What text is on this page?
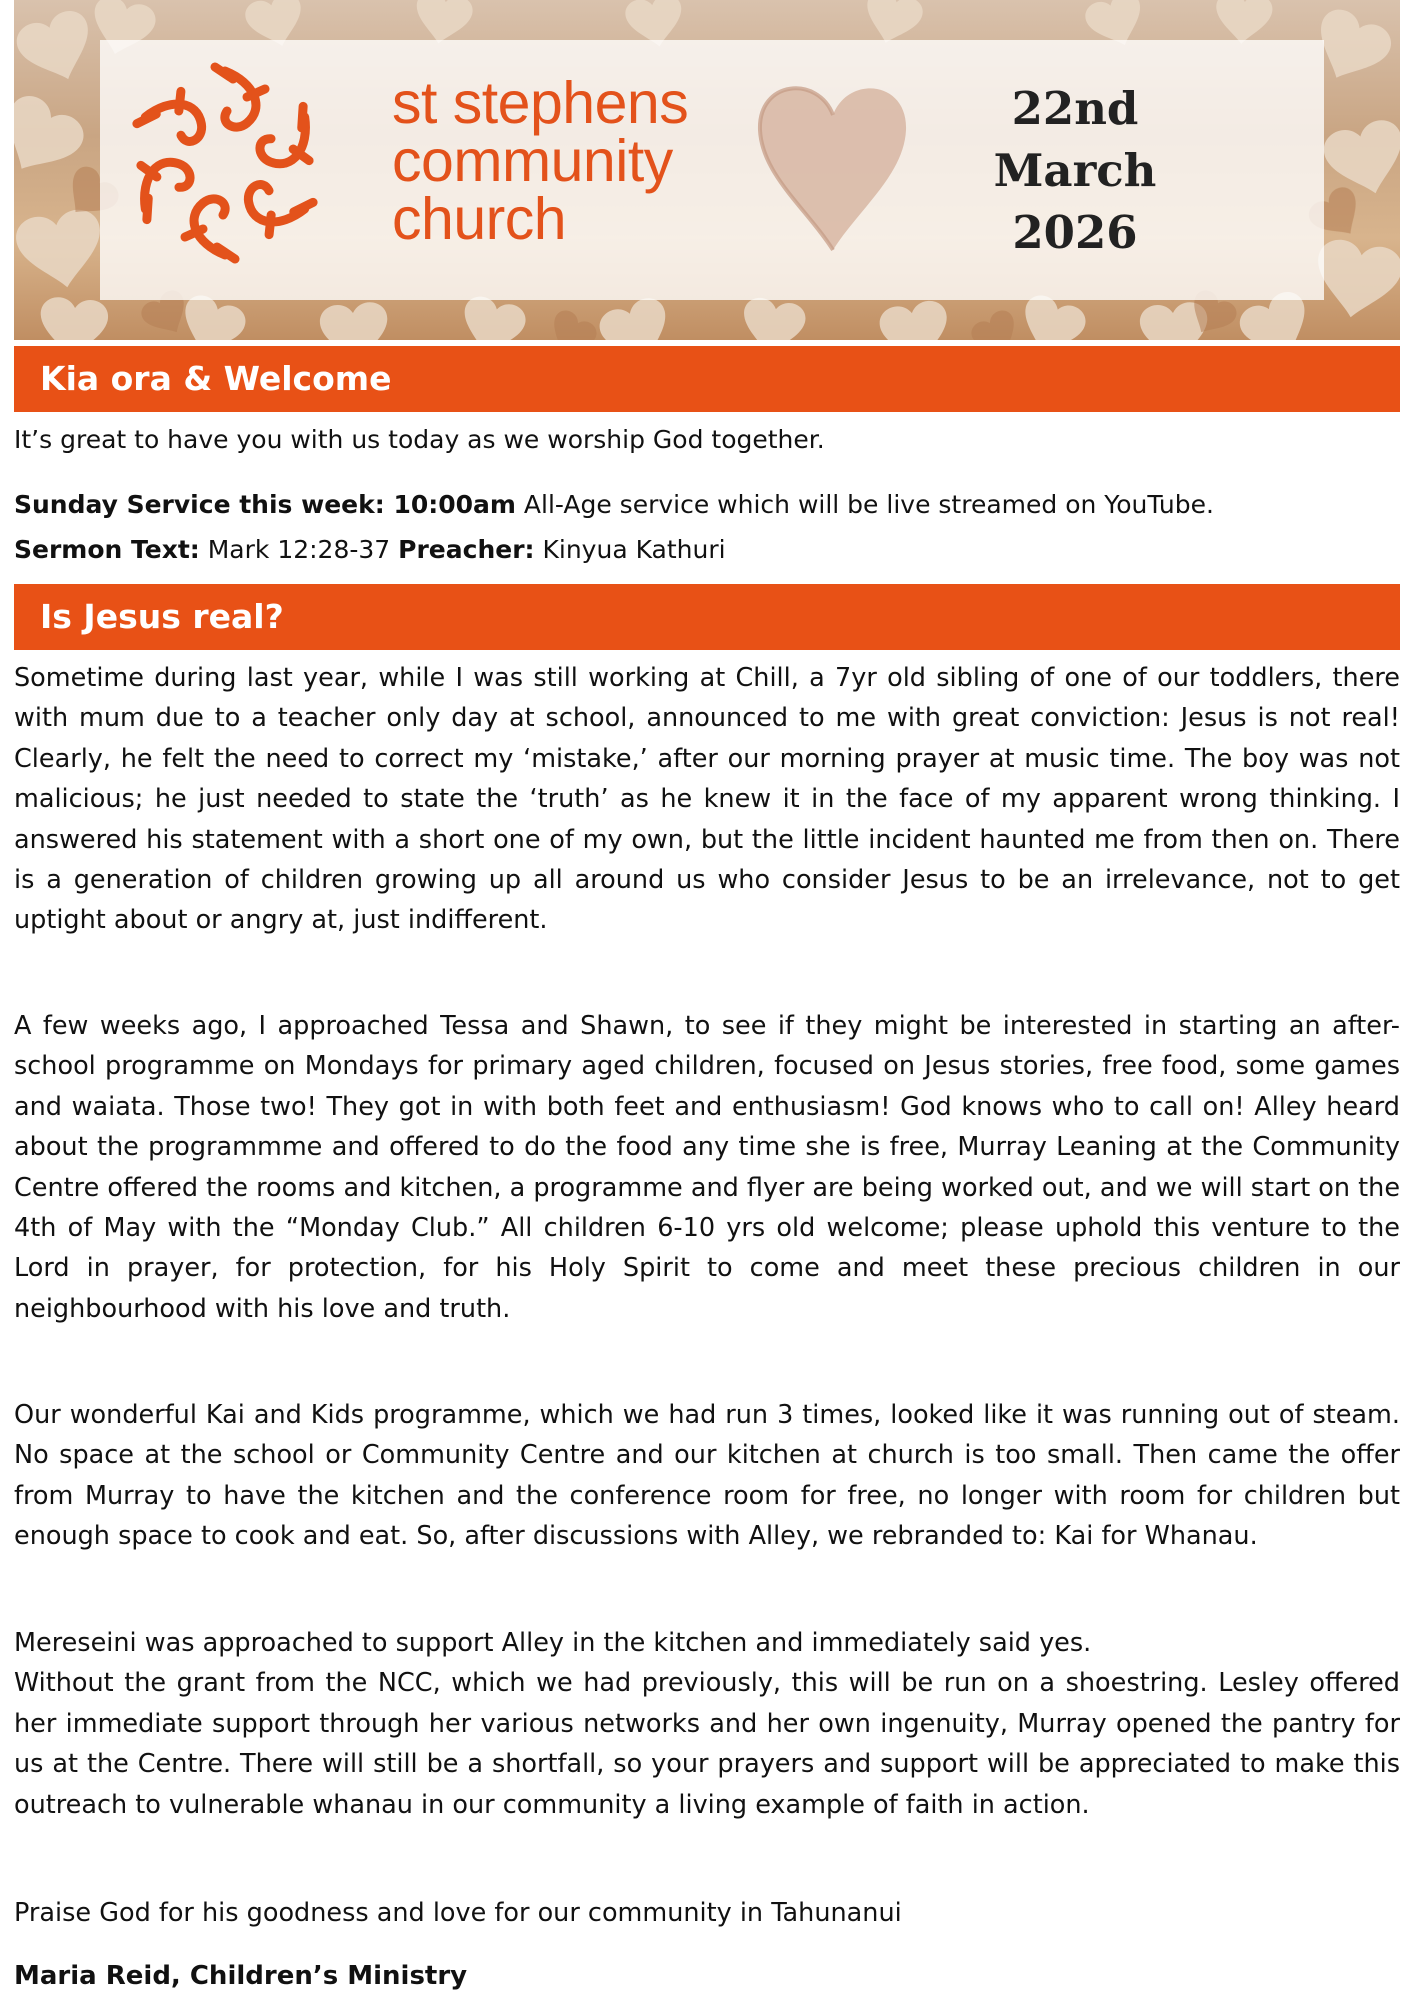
st stephens
community
church
22nd
March
2026
Kia ora & Welcome
It’s great to have you with us today as we worship God together.
Sunday Service this week: 10:00am All-Age service which will be live streamed on YouTube.
Sermon Text: Mark 12:28-37 Preacher: Kinyua Kathuri
Is Jesus real?
Sometime during last year, while I was still working at Chill, a 7yr old sibling of one of our toddlers, there with mum due to a teacher only day at school, announced to me with great conviction: Jesus is not real! Clearly, he felt the need to correct my ‘mistake,’ after our morning prayer at music time. The boy was not malicious; he just needed to state the ‘truth’ as he knew it in the face of my apparent wrong thinking. I answered his statement with a short one of my own, but the little incident haunted me from then on. There is a generation of children growing up all around us who consider Jesus to be an irrelevance, not to get uptight about or angry at, just indifferent.
A few weeks ago, I approached Tessa and Shawn, to see if they might be interested in starting an after-school programme on Mondays for primary aged children, focused on Jesus stories, free food, some games and waiata. Those two! They got in with both feet and enthusiasm! God knows who to call on! Alley heard about the programmme and offered to do the food any time she is free, Murray Leaning at the Community Centre offered the rooms and kitchen, a programme and flyer are being worked out, and we will start on the 4th of May with the “Monday Club.” All children 6-10 yrs old welcome; please uphold this venture to the Lord in prayer, for protection, for his Holy Spirit to come and meet these precious children in our neighbourhood with his love and truth.
Our wonderful Kai and Kids programme, which we had run 3 times, looked like it was running out of steam. No space at the school or Community Centre and our kitchen at church is too small. Then came the offer from Murray to have the kitchen and the conference room for free, no longer with room for children but enough space to cook and eat. So, after discussions with Alley, we rebranded to: Kai for Whanau.
Mereseini was approached to support Alley in the kitchen and immediately said yes.
Without the grant from the NCC, which we had previously, this will be run on a shoestring. Lesley offered her immediate support through her various networks and her own ingenuity, Murray opened the pantry for us at the Centre. There will still be a shortfall, so your prayers and support will be appreciated to make this outreach to vulnerable whanau in our community a living example of faith in action.
Praise God for his goodness and love for our community in Tahunanui
Maria Reid, Children’s Ministry
